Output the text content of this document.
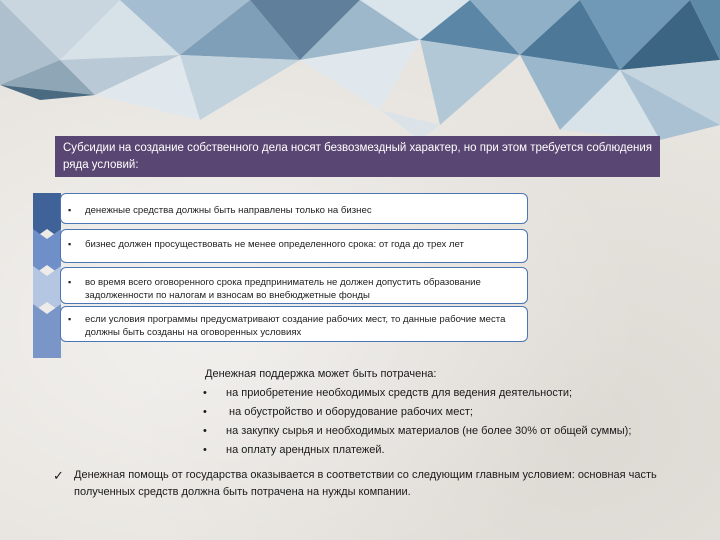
Субсидии на создание собственного дела носят безвозмездный характер, но при этом требуется соблюдения ряда условий:
▪	денежные средства должны быть направлены только на бизнес
▪	бизнес должен просуществовать не менее определенного срока: от года до трех лет
▪	во время всего оговоренного срока предприниматель не должен допустить образование задолженности по налогам и взносам во внебюджетные фонды
▪	если условия программы предусматривают создание рабочих мест, то данные рабочие места должны быть созданы на оговоренных условиях
Денежная поддержка может быть потрачена:
• на приобретение необходимых средств для ведения деятельности;
• на обустройство и оборудование рабочих мест;
• на закупку сырья и необходимых материалов (не более 30% от общей суммы);
• на оплату арендных платежей.
✓ Денежная помощь от государства оказывается в соответствии со следующим главным условием: основная часть полученных средств должна быть потрачена на нужды компании.
